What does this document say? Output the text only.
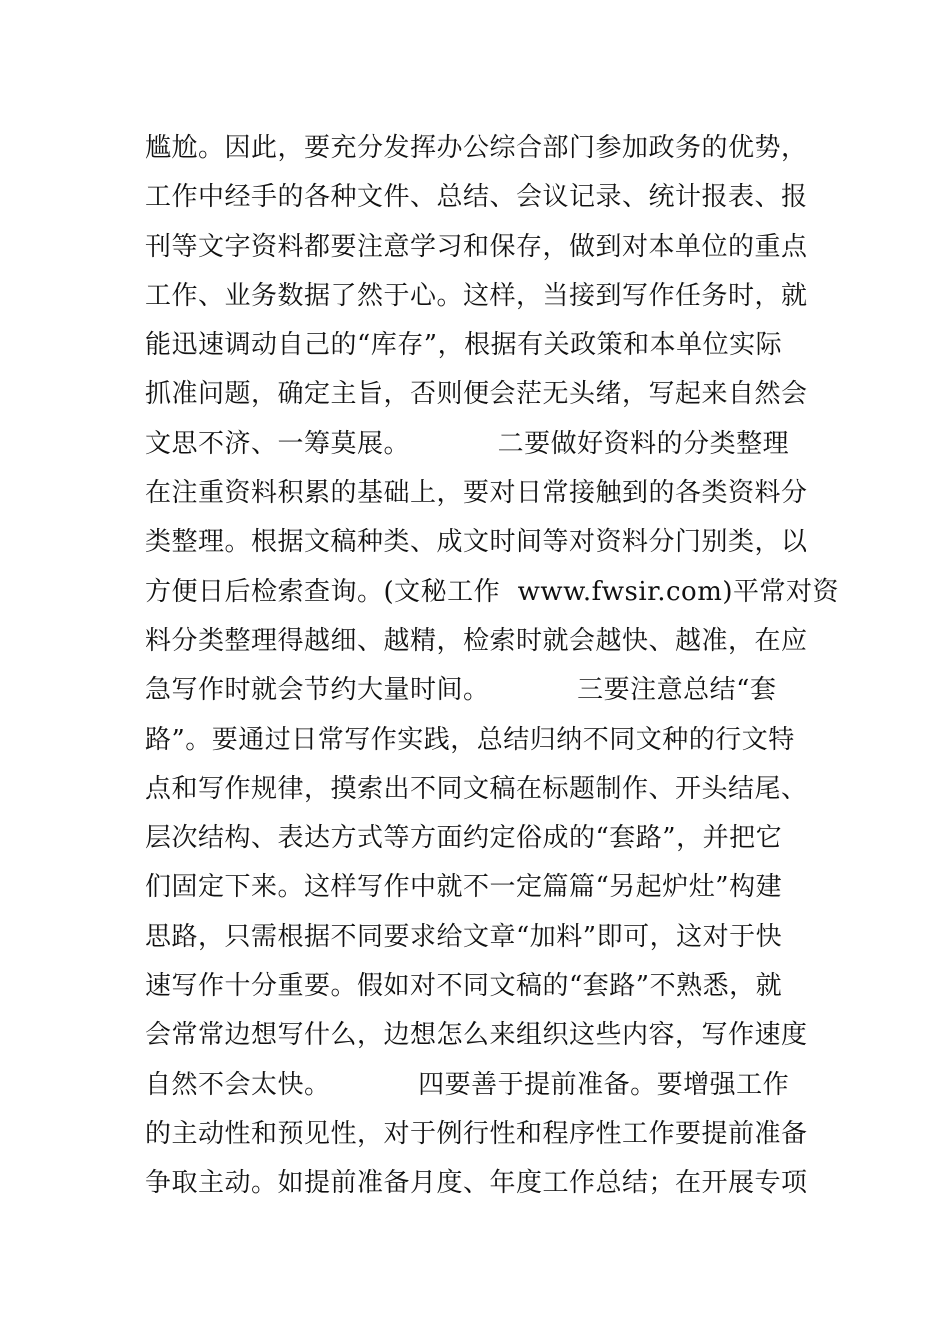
尴尬。因此，要充分发挥办公综合部门参加政务的优势，
工作中经手的各种文件、总结、会议记录、统计报表、报
刊等文字资料都要注意学习和保存，做到对本单位的重点
工作、业务数据了然于心。这样，当接到写作任务时，就
能迅速调动自己的“库存”，根据有关政策和本单位实际
抓准问题，确定主旨，否则便会茫无头绪，写起来自然会
文思不济、一筹莫展。          二要做好资料的分类整理
在注重资料积累的基础上，要对日常接触到的各类资料分
类整理。根据文稿种类、成文时间等对资料分门别类，以
方便日后检索查询。(文秘工作  www.fwsir.com)平常对资
料分类整理得越细、越精，检索时就会越快、越准，在应
急写作时就会节约大量时间。          三要注意总结“套
路”。要通过日常写作实践，总结归纳不同文种的行文特
点和写作规律，摸索出不同文稿在标题制作、开头结尾、
层次结构、表达方式等方面约定俗成的“套路”，并把它
们固定下来。这样写作中就不一定篇篇“另起炉灶”构建
思路，只需根据不同要求给文章“加料”即可，这对于快
速写作十分重要。假如对不同文稿的“套路”不熟悉，就
会常常边想写什么，边想怎么来组织这些内容，写作速度
自然不会太快。          四要善于提前准备。要增强工作
的主动性和预见性，对于例行性和程序性工作要提前准备
争取主动。如提前准备月度、年度工作总结；在开展专项
